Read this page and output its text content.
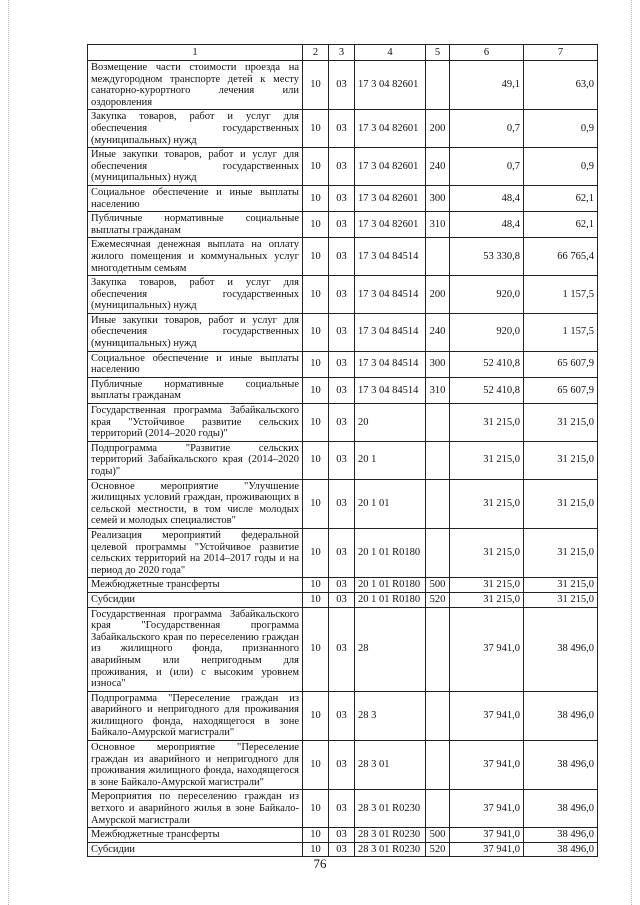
1	2	3	4	5	6	7
Возмещение части стоимости проезда на междугородном транспорте детей к месту санаторно-курортного лечения или оздоровления	10	03	17 3 04 82601		49,1	63,0
Закупка товаров, работ и услуг для обеспечения государственных (муниципальных) нужд	10	03	17 3 04 82601	200	0,7	0,9
Иные закупки товаров, работ и услуг для обеспечения государственных (муниципальных) нужд	10	03	17 3 04 82601	240	0,7	0,9
Социальное обеспечение и иные выплаты населению	10	03	17 3 04 82601	300	48,4	62,1
Публичные нормативные социальные выплаты гражданам	10	03	17 3 04 82601	310	48,4	62,1
Ежемесячная денежная выплата на оплату жилого помещения и коммунальных услуг многодетным семьям	10	03	17 3 04 84514		53 330,8	66 765,4
Закупка товаров, работ и услуг для обеспечения государственных (муниципальных) нужд	10	03	17 3 04 84514	200	920,0	1 157,5
Иные закупки товаров, работ и услуг для обеспечения государственных (муниципальных) нужд	10	03	17 3 04 84514	240	920,0	1 157,5
Социальное обеспечение и иные выплаты населению	10	03	17 3 04 84514	300	52 410,8	65 607,9
Публичные нормативные социальные выплаты гражданам	10	03	17 3 04 84514	310	52 410,8	65 607,9
Государственная программа Забайкальского края "Устойчивое развитие сельских территорий (2014–2020 годы)"	10	03	20		31 215,0	31 215,0
Подпрограмма "Развитие сельских территорий Забайкальского края (2014–2020 годы)"	10	03	20 1		31 215,0	31 215,0
Основное мероприятие "Улучшение жилищных условий граждан, проживающих в сельской местности, в том числе молодых семей и молодых специалистов"	10	03	20 1 01		31 215,0	31 215,0
Реализация мероприятий федеральной целевой программы "Устойчивое развитие сельских территорий на 2014–2017 годы и на период до 2020 года"	10	03	20 1 01 R0180		31 215,0	31 215,0
Межбюджетные трансферты	10	03	20 1 01 R0180	500	31 215,0	31 215,0
Субсидии	10	03	20 1 01 R0180	520	31 215,0	31 215,0
Государственная программа Забайкальского края "Государственная программа Забайкальского края по переселению граждан из жилищного фонда, признанного аварийным или непригодным для проживания, и (или) с высоким уровнем износа"	10	03	28		37 941,0	38 496,0
Подпрограмма "Переселение граждан из аварийного и непригодного для проживания жилищного фонда, находящегося в зоне Байкало-Амурской магистрали"	10	03	28 3		37 941,0	38 496,0
Основное мероприятие "Переселение граждан из аварийного и непригодного для проживания жилищного фонда, находящегося в зоне Байкало-Амурской магистрали"	10	03	28 3 01		37 941,0	38 496,0
Мероприятия по переселению граждан из ветхого и аварийного жилья в зоне Байкало-Амурской магистрали	10	03	28 3 01 R0230		37 941,0	38 496,0
Межбюджетные трансферты	10	03	28 3 01 R0230	500	37 941,0	38 496,0
Субсидии	10	03	28 3 01 R0230	520	37 941,0	38 496,0
76
